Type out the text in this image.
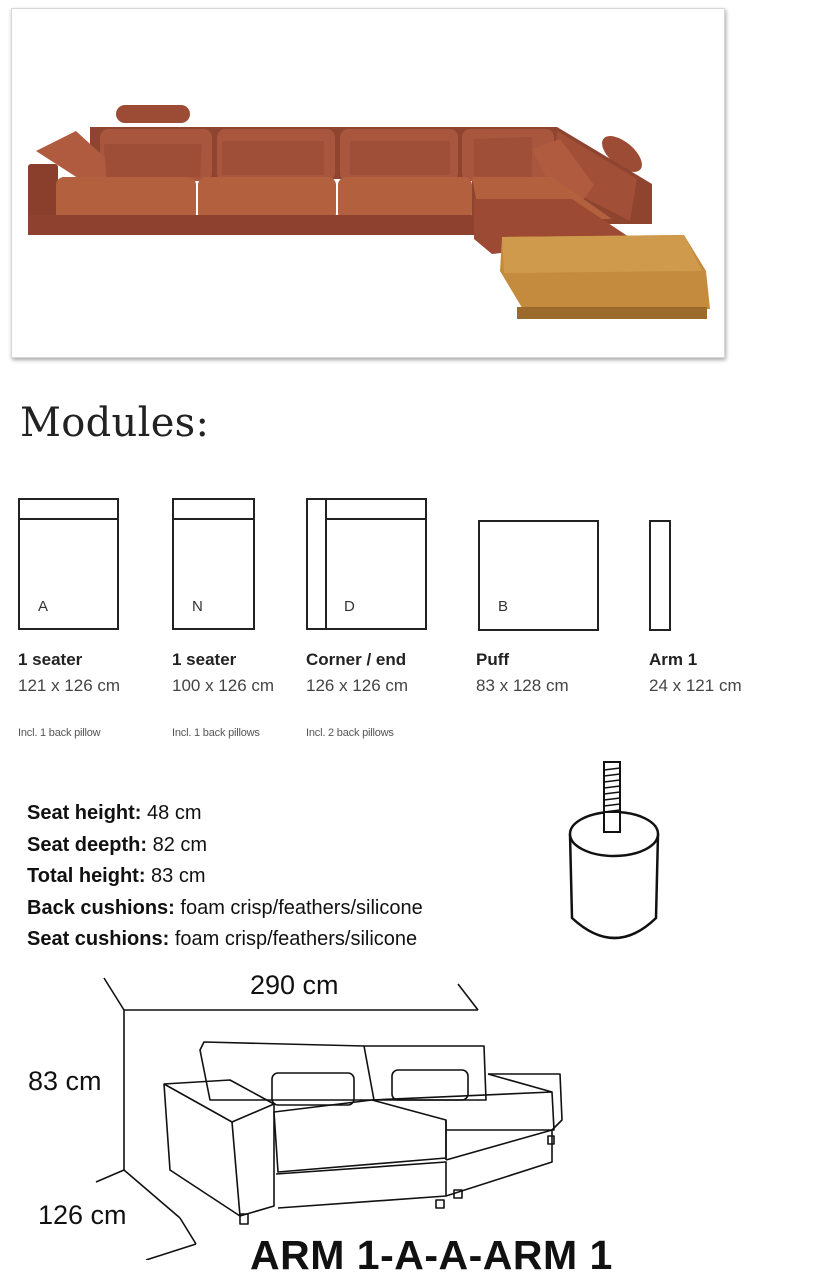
Modules:
A
1 seater
121 x 126 cm
Incl. 1 back pillow
N
1 seater
100 x 126 cm
Incl. 1 back pillows
D
Corner / end
126 x 126 cm
Incl. 2 back pillows
B
Puff
83 x 128 cm
Arm 1
24 x 121 cm
Seat height: 48 cm
Seat deepth: 82 cm
Total height: 83 cm
Back cushions: foam crisp/feathers/silicone
Seat cushions: foam crisp/feathers/silicone
290 cm
83 cm
126 cm
ARM 1-A-A-ARM 1
